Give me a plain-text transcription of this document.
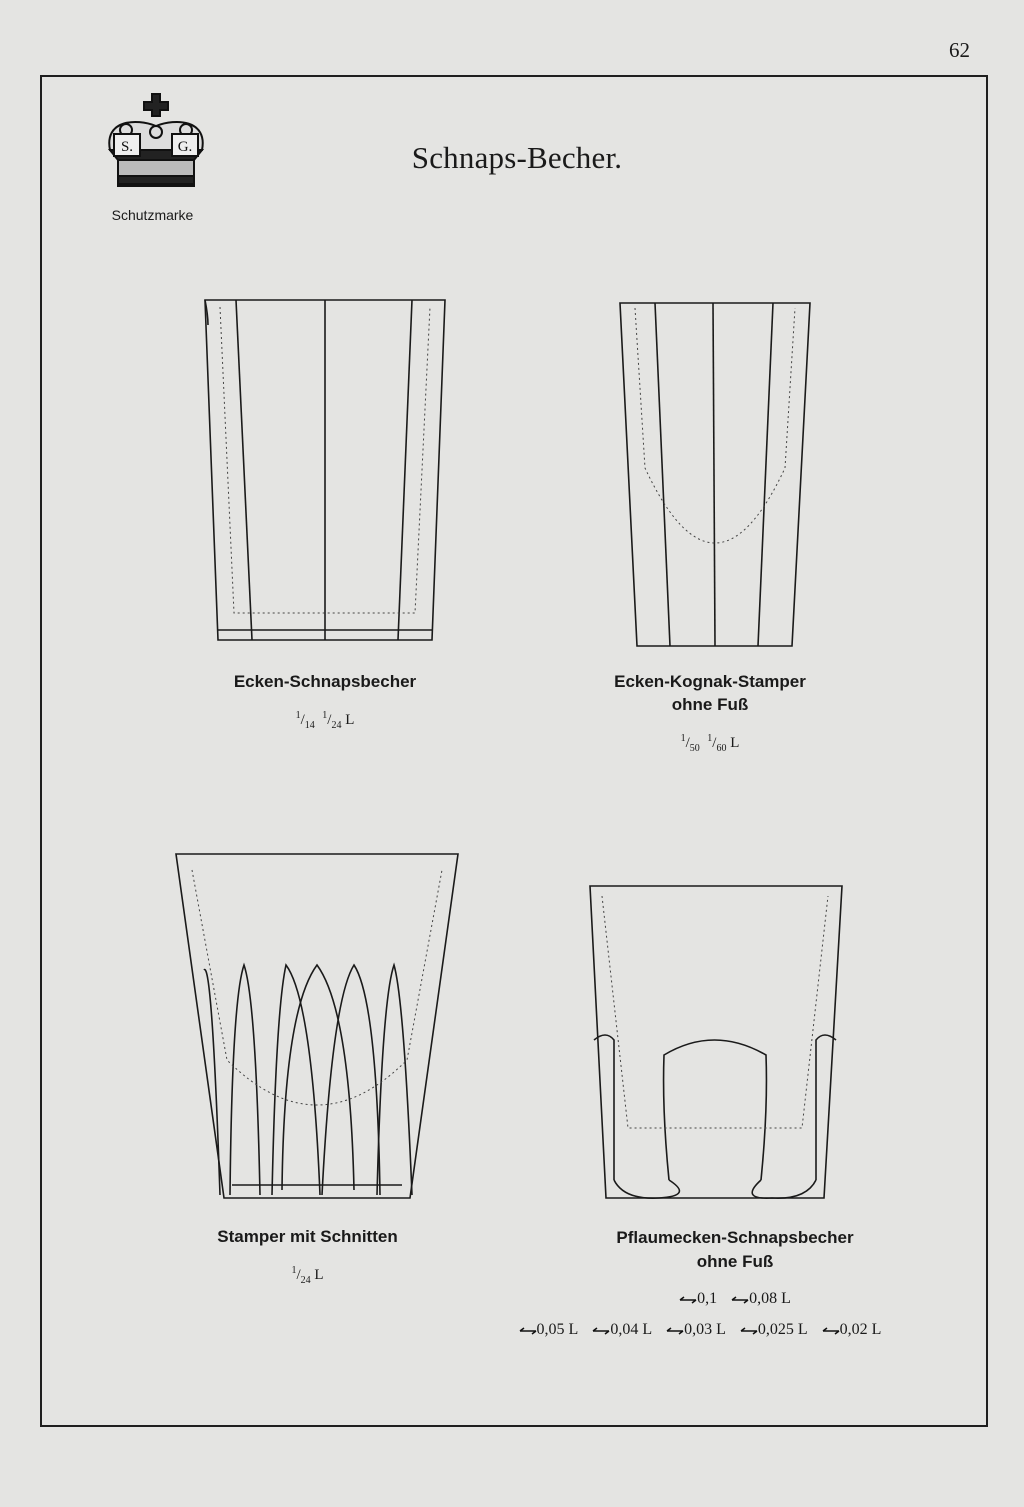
62
S.	G.
Schutzmarke
Schnaps-Becher.
Ecken-Schnapsbecher
$^1/_{14}$  $^1/_{24}$ L
Ecken-Kognak-Stamper
ohne Fuß
$^1/_{50}$  $^1/_{60}$ L
Stamper mit Schnitten
$^1/_{24}$ L
Pflaumecken-Schnapsbecher
ohne Fuß
0,1 0,08 L
0,05 L 0,04 L 0,03 L 0,025 L 0,02 L
